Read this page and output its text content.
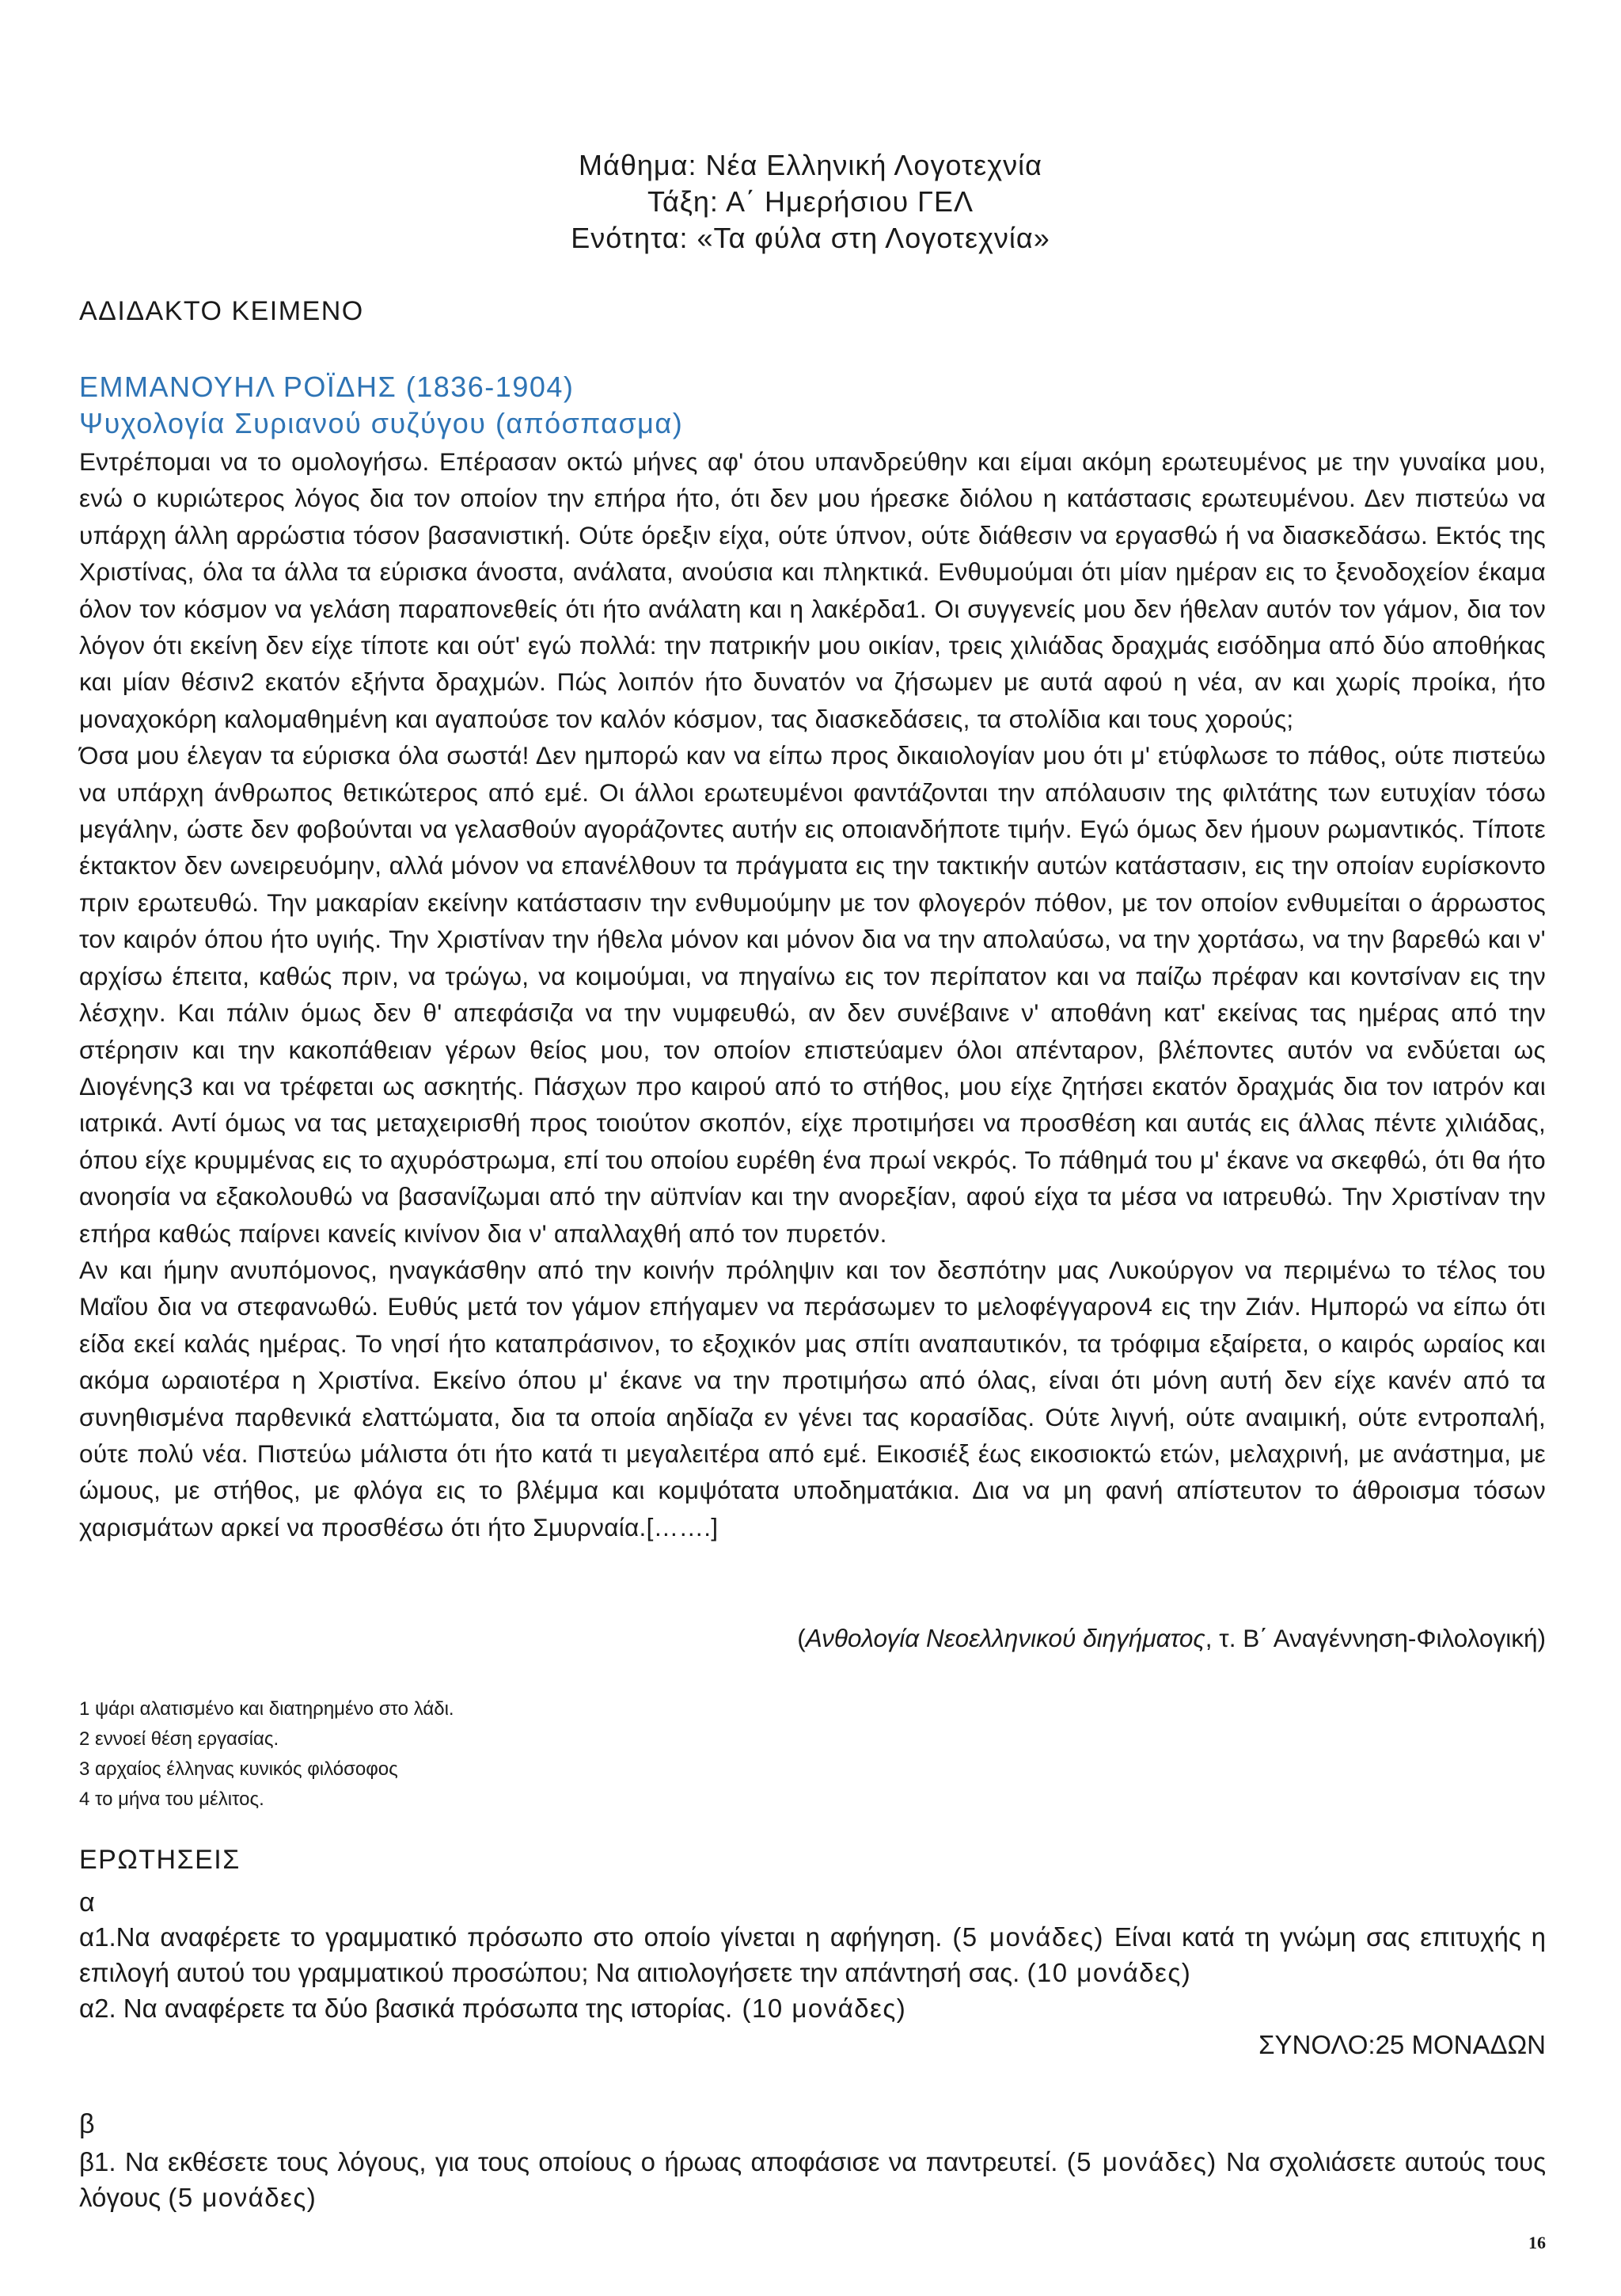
Μάθημα: Νέα Ελληνική Λογοτεχνία
Τάξη: Α΄ Ημερήσιου ΓΕΛ
Ενότητα: «Τα φύλα στη Λογοτεχνία»
ΑΔΙΔΑΚΤΟ ΚΕΙΜΕΝΟ
ΕΜΜΑΝΟΥΗΛ ΡΟΪΔΗΣ (1836-1904)
Ψυχολογία Συριανού συζύγου (απόσπασμα)

Εντρέπομαι να το ομολογήσω. Επέρασαν οκτώ μήνες αφ' ότου υπανδρεύθην και είμαι ακόμη ερωτευμένος με την γυναίκα μου, ενώ ο κυριώτερος λόγος δια τον οποίον την επήρα ήτο, ότι δεν μου ήρεσκε διόλου η κατάστασις ερωτευμένου. Δεν πιστεύω να υπάρχη άλλη αρρώστια τόσον βασανιστική. Ούτε όρεξιν είχα, ούτε ύπνον, ούτε διάθεσιν να εργασθώ ή να διασκεδάσω. Εκτός της Χριστίνας, όλα τα άλλα τα εύρισκα άνοστα, ανάλατα, ανούσια και πληκτικά. Ενθυμούμαι ότι μίαν ημέραν εις το ξενοδοχείον έκαμα όλον τον κόσμον να γελάση παραπονεθείς ότι ήτο ανάλατη και η λακέρδα1. Οι συγγενείς μου δεν ήθελαν αυτόν τον γάμον, δια τον λόγον ότι εκείνη δεν είχε τίποτε και ούτ' εγώ πολλά: την πατρικήν μου οικίαν, τρεις χιλιάδας δραχμάς εισόδημα από δύο αποθήκας και μίαν θέσιν2 εκατόν εξήντα δραχμών. Πώς λοιπόν ήτο δυνατόν να ζήσωμεν με αυτά αφού η νέα, αν και χωρίς προίκα, ήτο μοναχοκόρη καλομαθημένη και αγαπούσε τον καλόν κόσμον, τας διασκεδάσεις, τα στολίδια και τους χορούς;

Όσα μου έλεγαν τα εύρισκα όλα σωστά! Δεν ημπορώ καν να είπω προς δικαιολογίαν μου ότι μ' ετύφλωσε το πάθος, ούτε πιστεύω να υπάρχη άνθρωπος θετικώτερος από εμέ. Οι άλλοι ερωτευμένοι φαντάζονται την απόλαυσιν της φιλτάτης των ευτυχίαν τόσω μεγάλην, ώστε δεν φοβούνται να γελασθούν αγοράζοντες αυτήν εις οποιανδήποτε τιμήν. Εγώ όμως δεν ήμουν ρωμαντικός. Τίποτε έκτακτον δεν ωνειρευόμην, αλλά μόνον να επανέλθουν τα πράγματα εις την τακτικήν αυτών κατάστασιν, εις την οποίαν ευρίσκοντο πριν ερωτευθώ. Την μακαρίαν εκείνην κατάστασιν την ενθυμούμην με τον φλογερόν πόθον, με τον οποίον ενθυμείται ο άρρωστος τον καιρόν όπου ήτο υγιής. Την Χριστίναν την ήθελα μόνον και μόνον δια να την απολαύσω, να την χορτάσω, να την βαρεθώ και ν' αρχίσω έπειτα, καθώς πριν, να τρώγω, να κοιμούμαι, να πηγαίνω εις τον περίπατον και να παίζω πρέφαν και κοντσίναν εις την λέσχην. Και πάλιν όμως δεν θ' απεφάσιζα να την νυμφευθώ, αν δεν συνέβαινε ν' αποθάνη κατ' εκείνας τας ημέρας από την στέρησιν και την κακοπάθειαν γέρων θείος μου, τον οποίον επιστεύαμεν όλοι απένταρον, βλέποντες αυτόν να ενδύεται ως Διογένης3 και να τρέφεται ως ασκητής. Πάσχων προ καιρού από το στήθος, μου είχε ζητήσει εκατόν δραχμάς δια τον ιατρόν και ιατρικά. Αντί όμως να τας μεταχειρισθή προς τοιούτον σκοπόν, είχε προτιμήσει να προσθέση και αυτάς εις άλλας πέντε χιλιάδας, όπου είχε κρυμμένας εις το αχυρόστρωμα, επί του οποίου ευρέθη ένα πρωί νεκρός. Το πάθημά του μ' έκανε να σκεφθώ, ότι θα ήτο ανοησία να εξακολουθώ να βασανίζωμαι από την αϋπνίαν και την ανορεξίαν, αφού είχα τα μέσα να ιατρευθώ. Την Χριστίναν την επήρα καθώς παίρνει κανείς κινίνον δια ν' απαλλαχθή από τον πυρετόν.

Αν και ήμην ανυπόμονος, ηναγκάσθην από την κοινήν πρόληψιν και τον δεσπότην μας Λυκούργον να περιμένω το τέλος του Μαΐου δια να στεφανωθώ. Ευθύς μετά τον γάμον επήγαμεν να περάσωμεν το μελοφέγγαρον4 εις την Ζιάν. Ημπορώ να είπω ότι είδα εκεί καλάς ημέρας. Το νησί ήτο καταπράσινον, το εξοχικόν μας σπίτι αναπαυτικόν, τα τρόφιμα εξαίρετα, ο καιρός ωραίος και ακόμα ωραιοτέρα η Χριστίνα. Εκείνο όπου μ' έκανε να την προτιμήσω από όλας, είναι ότι μόνη αυτή δεν είχε κανέν από τα συνηθισμένα παρθενικά ελαττώματα, δια τα οποία αηδίαζα εν γένει τας κορασίδας. Ούτε λιγνή, ούτε αναιμική, ούτε εντροπαλή, ούτε πολύ νέα. Πιστεύω μάλιστα ότι ήτο κατά τι μεγαλειτέρα από εμέ. Εικοσιέξ έως εικοσιοκτώ ετών, μελαχρινή, με ανάστημα, με ώμους, με στήθος, με φλόγα εις το βλέμμα και κομψότατα υποδηματάκια. Δια να μη φανή απίστευτον το άθροισμα τόσων χαρισμάτων αρκεί να προσθέσω ότι ήτο Σμυρναία.[…….]

(Ανθολογία Νεοελληνικού διηγήματος, τ. Β΄ Αναγέννηση-Φιλολογική)
1 ψάρι αλατισμένο και διατηρημένο στο λάδι.
2 εννοεί θέση εργασίας.
3 αρχαίος έλληνας κυνικός φιλόσοφος
4 το μήνα του μέλιτος.
ΕΡΩΤΗΣΕΙΣ
α
α1.Να αναφέρετε το γραμματικό πρόσωπο στο οποίο γίνεται η αφήγηση. (5 μονάδες) Είναι κατά τη γνώμη σας επιτυχής η επιλογή αυτού του γραμματικού προσώπου; Να αιτιολογήσετε την απάντησή σας. (10 μονάδες)
α2. Να αναφέρετε τα δύο βασικά πρόσωπα της ιστορίας. (10 μονάδες)
ΣΥΝΟΛΟ:25 ΜΟΝΑΔΩΝ
β
β1. Να εκθέσετε τους λόγους, για τους οποίους ο ήρωας αποφάσισε να παντρευτεί. (5 μονάδες) Να σχολιάσετε αυτούς τους λόγους (5 μονάδες)
16
